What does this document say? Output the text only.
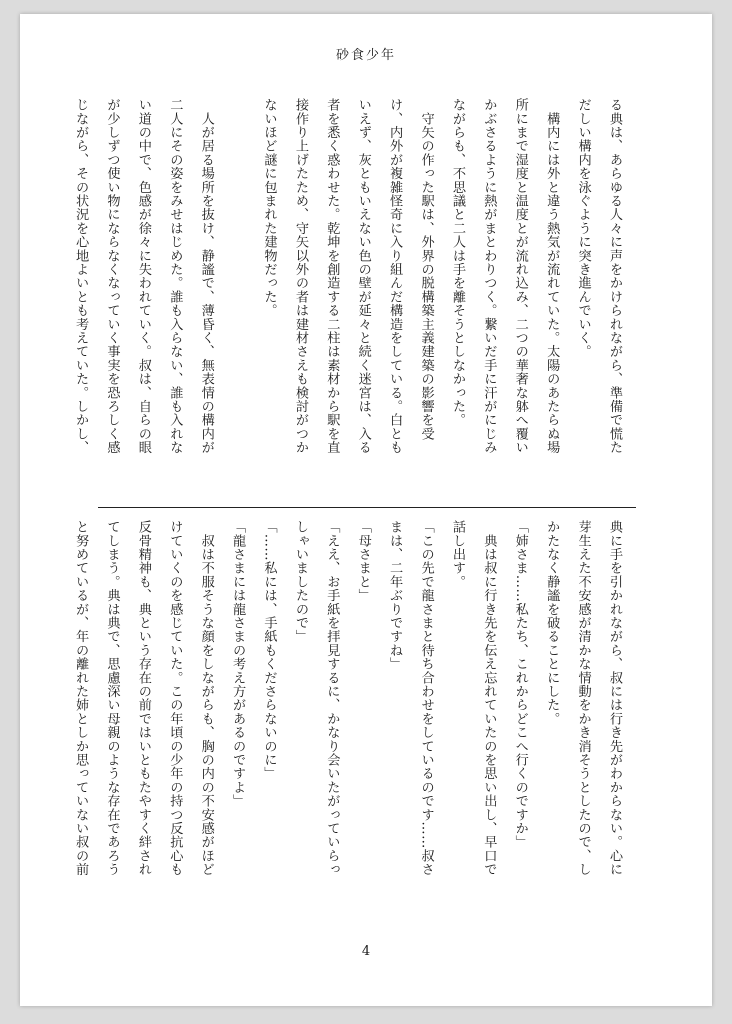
砂食少年
る典は、あらゆる人々に声をかけられながら、準備で慌た
だしい構内を泳ぐように突き進んでいく。
　構内には外と違う熱気が流れていた。太陽のあたらぬ場
所にまで湿度と温度とが流れ込み、二つの華奢な躰へ覆い
かぶさるように熱がまとわりつく。繋いだ手に汗がにじみ
ながらも、不思議と二人は手を離そうとしなかった。
　守矢の作った駅は、外界の脱構築主義建築の影響を受
け、内外が複雑怪奇に入り組んだ構造をしている。白とも
いえず、灰ともいえない色の壁が延々と続く迷宮は、入る
者を悉く惑わせた。乾坤を創造する二柱は素材から駅を直
接作り上げたため、守矢以外の者は建材さえも検討がつか
ないほど謎に包まれた建物だった。

　人が居る場所を抜け、静謐で、薄昏く、無表情の構内が
二人にその姿をみせはじめた。誰も入らない、誰も入れな
い道の中で、色感が徐々に失われていく。叔は、自らの眼
が少しずつ使い物にならなくなっていく事実を恐ろしく感
じながら、その状況を心地よいとも考えていた。しかし、
典に手を引かれながら、叔には行き先がわからない。心に
芽生えた不安感が清かな情動をかき消そうとしたので、し
かたなく静謐を破ることにした。
「姉さま……私たち、これからどこへ行くのですか」
　典は叔に行き先を伝え忘れていたのを思い出し、早口で
話し出す。
「この先で龍さまと待ち合わせをしているのです……叔さ
まは、二年ぶりですね」
「母さまと」
「ええ、お手紙を拝見するに、かなり会いたがっていらっ
しゃいましたので」
「……私には、手紙もくださらないのに」
「龍さまには龍さまの考え方があるのですよ」
　叔は不服そうな顔をしながらも、胸の内の不安感がほど
けていくのを感じていた。この年頃の少年の持つ反抗心も
反骨精神も、典という存在の前ではいともたやすく絆され
てしまう。典は典で、思慮深い母親のような存在であろう
と努めているが、年の離れた姉としか思っていない叔の前
4
